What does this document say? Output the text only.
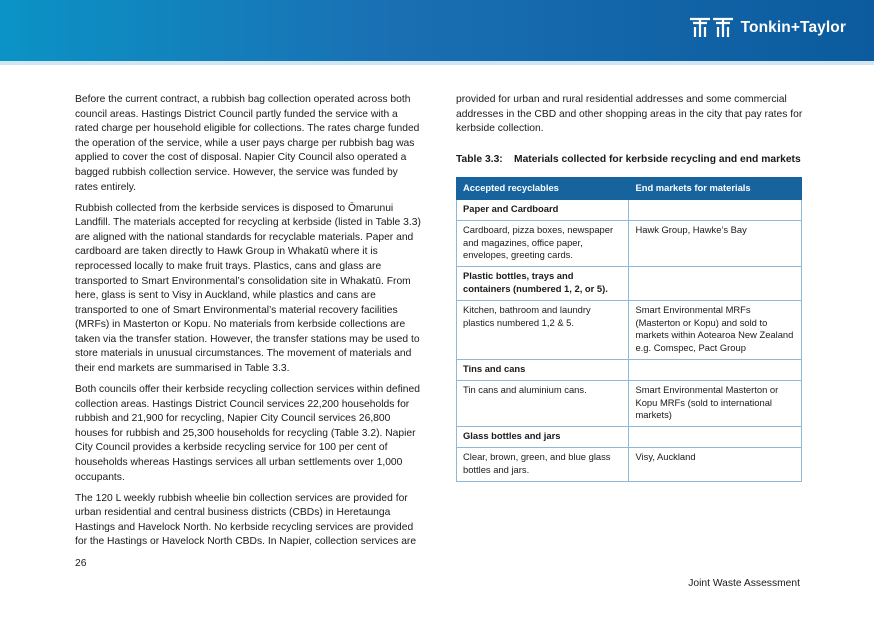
Tonkin+Taylor

Before the current contract, a rubbish bag collection operated across both council areas. Hastings District Council partly funded the service with a rated charge per household eligible for collections. The rates charge funded the operation of the service, while a user pays charge per rubbish bag was applied to cover the cost of disposal. Napier City Council also operated a bagged rubbish collection service. However, the service was funded by rates entirely.

Rubbish collected from the kerbside services is disposed to Ōmarunui Landfill. The materials accepted for recycling at kerbside (listed in Table 3.3) are aligned with the national standards for recyclable materials. Paper and cardboard are taken directly to Hawk Group in Whakatū where it is reprocessed locally to make fruit trays. Plastics, cans and glass are transported to Smart Environmental’s consolidation site in Whakatū. From here, glass is sent to Visy in Auckland, while plastics and cans are transported to one of Smart Environmental’s material recovery facilities (MRFs) in Masterton or Kopu. No materials from kerbside collections are taken via the transfer station. However, the transfer stations may be used to store materials in unusual circumstances. The movement of materials and their end markets are summarised in Table 3.3.

Both councils offer their kerbside recycling collection services within defined collection areas. Hastings District Council services 22,200 households for rubbish and 21,900 for recycling, Napier City Council services 26,800 houses for rubbish and 25,300 households for recycling (Table 3.2). Napier City Council provides a kerbside recycling service for 100 per cent of households whereas Hastings services all urban settlements over 1,000 occupants.

The 120 L weekly rubbish wheelie bin collection services are provided for urban residential and central business districts (CBDs) in Heretaunga Hastings and Havelock North. No kerbside recycling services are provided for the Hastings or Havelock North CBDs. In Napier, collection services are

provided for urban and rural residential addresses and some commercial addresses in the CBD and other shopping areas in the city that pay rates for kerbside collection.

Table 3.3: Materials collected for kerbside recycling and end markets
Accepted recyclables	End markets for materials
Paper and Cardboard	
Cardboard, pizza boxes, newspaper and magazines, office paper, envelopes, greeting cards.	Hawk Group, Hawke’s Bay
Plastic bottles, trays and containers (numbered 1, 2, or 5).	
Kitchen, bathroom and laundry plastics numbered 1,2 & 5.	Smart Environmental MRFs (Masterton or Kopu) and sold to markets within Aotearoa New Zealand e.g. Comspec, Pact Group
Tins and cans	
Tin cans and aluminium cans.	Smart Environmental Masterton or Kopu MRFs (sold to international markets)
Glass bottles and jars	
Clear, brown, green, and blue glass bottles and jars.	Visy, Auckland
26
Joint Waste Assessment
